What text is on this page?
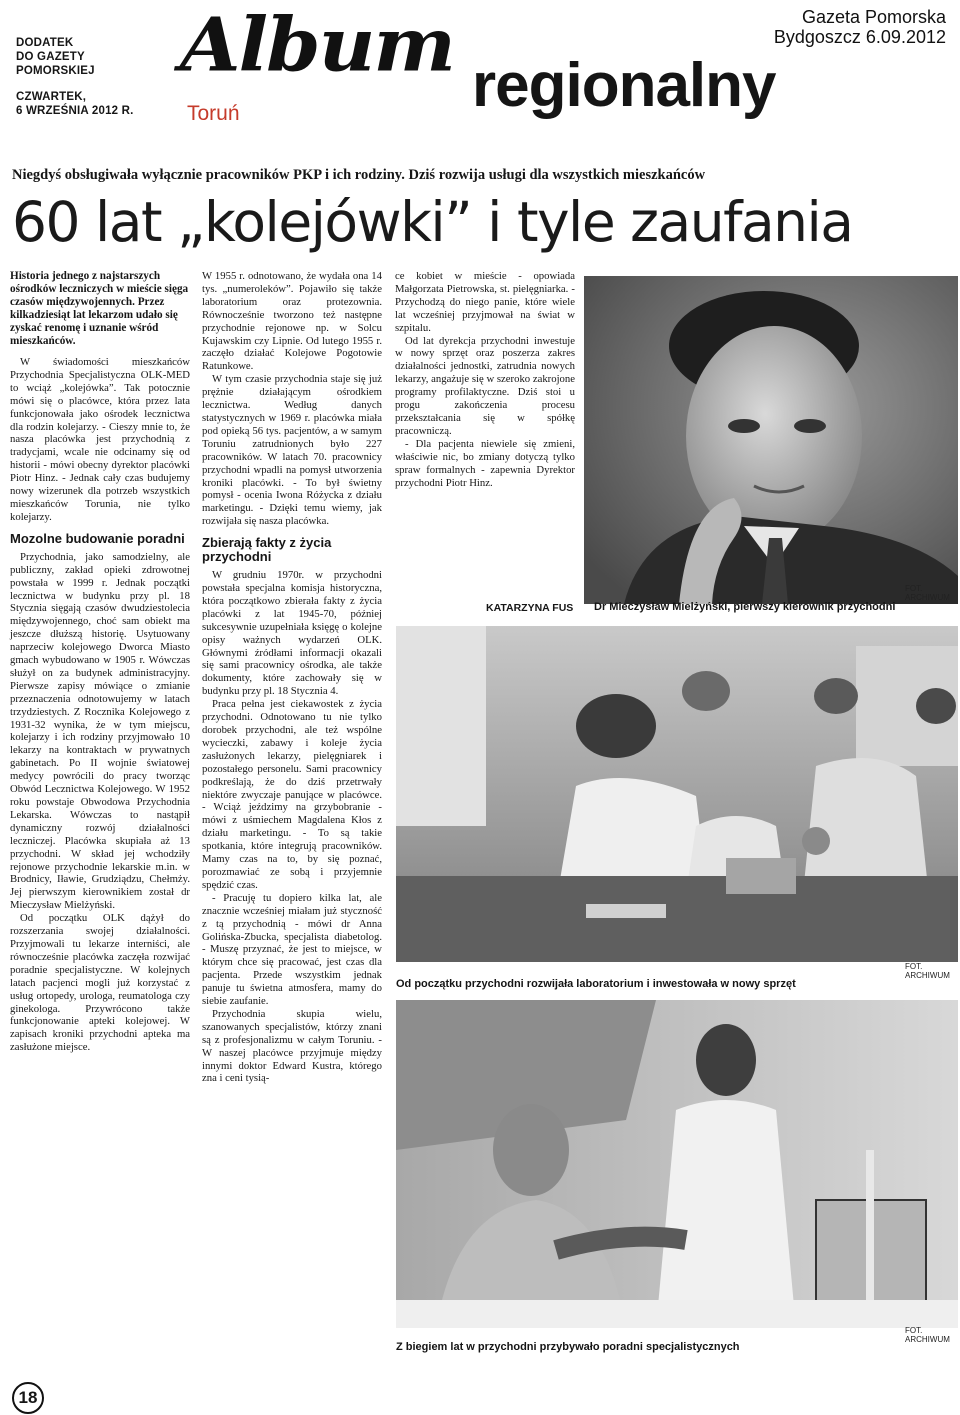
DODATEK
DO GAZETY
POMORSKIEJ
CZWARTEK,
6 WRZEŚNIA 2012 R.
Album regionalny
Toruń
Gazeta Pomorska
Bydgoszcz 6.09.2012
Niegdyś obsługiwała wyłącznie pracowników PKP i ich rodziny. Dziś rozwija usługi dla wszystkich mieszkańców
60 lat „kolejówki” i tyle zaufania

Historia jednego z najstarszych ośrodków leczniczych w mieście sięga czasów międzywojennych. Przez kilkadziesiąt lat lekarzom udało się zyskać renomę i uznanie wśród mieszkańców.

W świadomości mieszkańców Przychodnia Specjalistyczna OLK-MED to wciąż „kolejówka”. Tak potocznie mówi się o placówce, która przez lata funkcjonowała jako ośrodek lecznictwa dla rodzin kolejarzy. - Cieszy mnie to, że nasza placówka jest przychodnią z tradycjami, wcale nie odcinamy się od historii - mówi obecny dyrektor placówki Piotr Hinz. - Jednak cały czas budujemy nowy wizerunek dla potrzeb wszystkich mieszkańców Torunia, nie tylko kolejarzy.

Mozolne budowanie poradni

Przychodnia, jako samodzielny, ale publiczny, zakład opieki zdrowotnej powstała w 1999 r. Jednak początki lecznictwa w budynku przy pl. 18 Stycznia sięgają czasów dwudziestolecia międzywojennego, choć sam obiekt ma jeszcze dłuższą historię. Usytuowany naprzeciw kolejowego Dworca Miasto gmach wybudowano w 1905 r. Wówczas służył on za budynek administracyjny. Pierwsze zapisy mówiące o zmianie przeznaczenia odnotowujemy w latach trzydziestych. Z Rocznika Kolejowego z 1931-32 wynika, że w tym miejscu, kolejarzy i ich rodziny przyjmowało 10 lekarzy na kontraktach w prywatnych gabinetach. Po II wojnie światowej medycy powrócili do pracy tworząc Obwód Lecznictwa Kolejowego. W 1952 roku powstaje Obwodowa Przychodnia Lekarska. Wówczas to nastąpił dynamiczny rozwój działalności leczniczej. Placówka skupiała aż 13 przychodni. W skład jej wchodziły rejonowe przychodnie lekarskie m.in. w Brodnicy, Iławie, Grudziądzu, Chełmży. Jej pierwszym kierownikiem został dr Mieczysław Mielżyński.

Od początku OLK dążył do rozszerzania swojej działalności. Przyjmowali tu lekarze interniści, ale równocześnie placówka zaczęła rozwijać poradnie specjalistyczne. W kolejnych latach pacjenci mogli już korzystać z usług ortopedy, urologa, reumatologa czy ginekologa. Przywrócono także funkcjonowanie apteki kolejowej. W zapisach kroniki przychodni apteka ma zasłużone miejsce.

W 1955 r. odnotowano, że wydała ona 14 tys. „numeroleków”. Pojawiło się także laboratorium oraz protezownia. Równocześnie tworzono też następne przychodnie rejonowe np. w Solcu Kujawskim czy Lipnie. Od lutego 1955 r. zaczęło działać Kolejowe Pogotowie Ratunkowe.

W tym czasie przychodnia staje się już prężnie działającym ośrodkiem lecznictwa. Według danych statystycznych w 1969 r. placówka miała pod opieką 56 tys. pacjentów, a w samym Toruniu zatrudnionych było 227 pracowników. W latach 70. pracownicy przychodni wpadli na pomysł utworzenia kroniki placówki. - To był świetny pomysł - ocenia Iwona Różycka z działu marketingu. - Dzięki temu wiemy, jak rozwijała się nasza placówka.

Zbierają fakty z życia przychodni

W grudniu 1970r. w przychodni powstała specjalna komisja historyczna, która początkowo zbierała fakty z życia placówki z lat 1945-70, później sukcesywnie uzupełniała księgę o kolejne opisy ważnych wydarzeń OLK. Głównymi źródłami informacji okazali się sami pracownicy ośrodka, ale także dokumenty, które zachowały się w budynku przy pl. 18 Stycznia 4.

Praca pełna jest ciekawostek z życia przychodni. Odnotowano tu nie tylko dorobek przychodni, ale też wspólne wycieczki, zabawy i koleje życia zasłużonych lekarzy, pielęgniarek i pozostałego personelu. Sami pracownicy podkreślają, że do dziś przetrwały niektóre zwyczaje panujące w placówce. - Wciąż jeździmy na grzybobranie - mówi z uśmiechem Magdalena Kłos z działu marketingu. - To są takie spotkania, które integrują pracowników. Mamy czas na to, by się poznać, porozmawiać ze sobą i przyjemnie spędzić czas.

- Pracuję tu dopiero kilka lat, ale znacznie wcześniej miałam już styczność z tą przychodnią - mówi dr Anna Golińska-Zbucka, specjalista diabetolog. - Muszę przyznać, że jest to miejsce, w którym chce się pracować, jest czas dla pacjenta. Przede wszystkim jednak panuje tu świetna atmosfera, mamy do siebie zaufanie.

Przychodnia skupia wielu, szanowanych specjalistów, którzy znani są z profesjonalizmu w całym Toruniu. - W naszej placówce przyjmuje między innymi doktor Edward Kustra, którego zna i ceni tysią-

ce kobiet w mieście - opowiada Małgorzata Pietrowska, st. pielęgniarka. -Przychodzą do niego panie, które wiele lat wcześniej przyjmował na świat w szpitalu.

Od lat dyrekcja przychodni inwestuje w nowy sprzęt oraz poszerza zakres działalności jednostki, zatrudnia nowych lekarzy, angażuje się w szeroko zakrojone programy profilaktyczne. Dziś stoi u progu zakończenia procesu przekształcania się w spółkę pracowniczą.

- Dla pacjenta niewiele się zmieni, właściwie nic, bo zmiany dotyczą tylko spraw formalnych - zapewnia Dyrektor przychodni Piotr Hinz.

KATARZYNA FUS
FOT. ARCHIWUM
Dr Mieczysław Mielżyński, pierwszy kierownik przychodni
FOT. ARCHIWUM
Od początku przychodni rozwijała laboratorium i inwestowała w nowy sprzęt
FOT. ARCHIWUM
Z biegiem lat w przychodni przybywało poradni specjalistycznych
18
